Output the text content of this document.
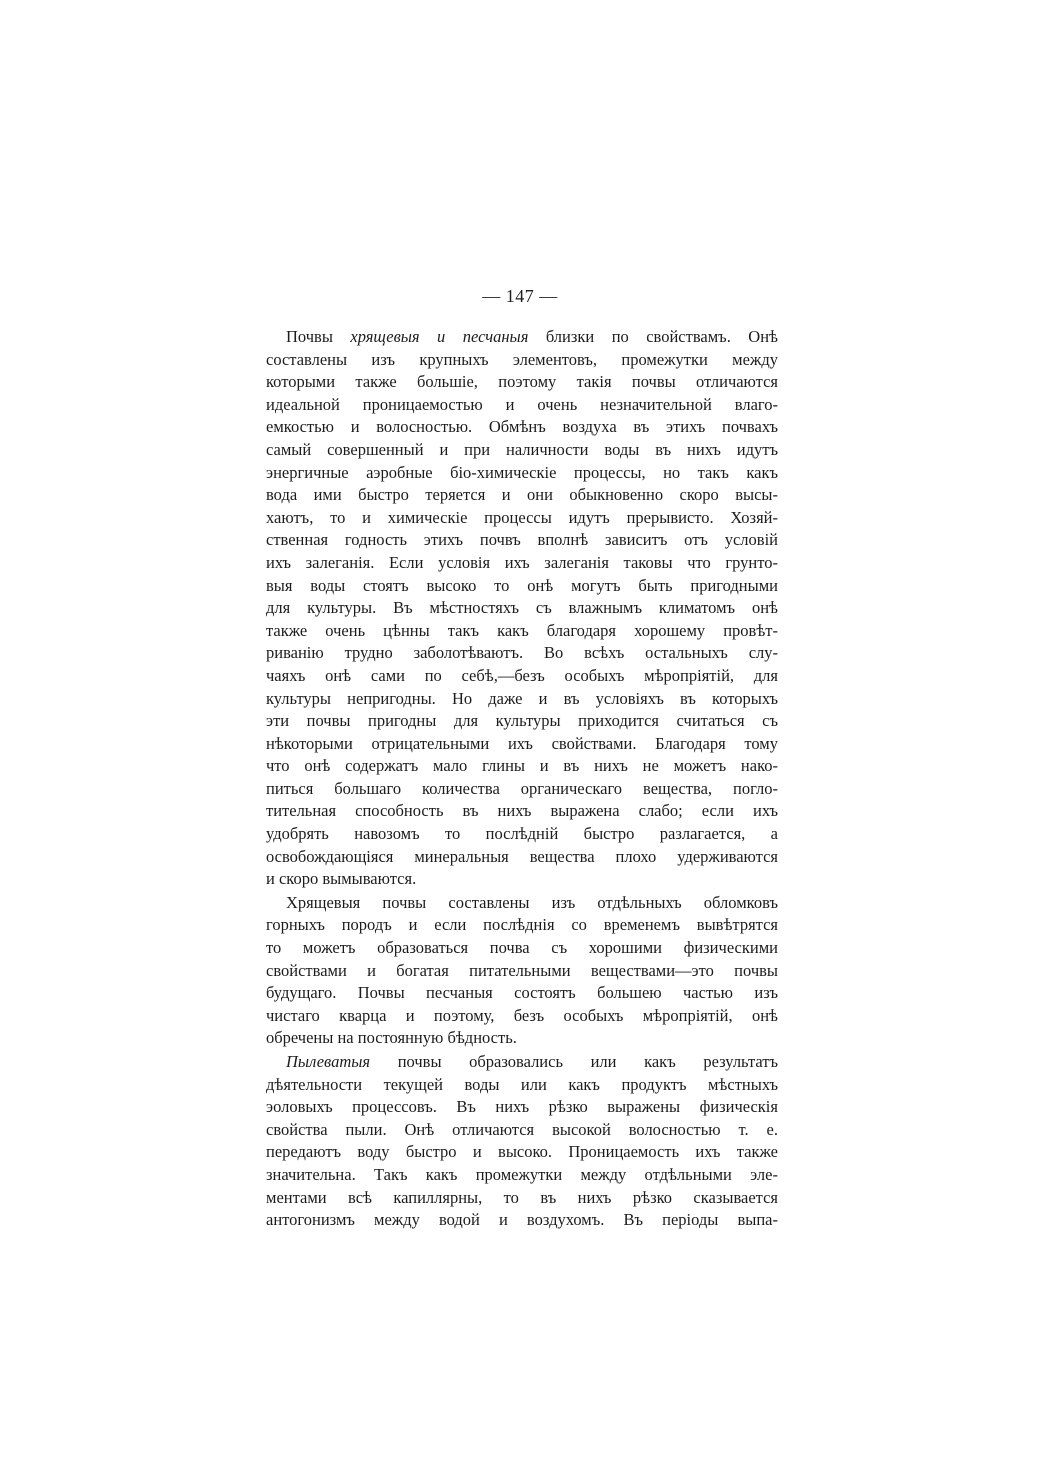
— 147 —
Почвы хрящевыя и песчаныя близки по свойствамъ. Онѣ
составлены изъ крупныхъ элементовъ, промежутки между
которыми также большіе, поэтому такія почвы отличаются
идеальной проницаемостью и очень незначительной влаго-
емкостью и волосностью. Обмѣнъ воздуха въ этихъ почвахъ
самый совершенный и при наличности воды въ нихъ идутъ
энергичные аэробные біо-химическіе процессы, но такъ какъ
вода ими быстро теряется и они обыкновенно скоро высы-
хаютъ, то и химическіе процессы идутъ прерывисто. Хозяй-
ственная годность этихъ почвъ вполнѣ зависитъ отъ условій
ихъ залеганія. Если условія ихъ залеганія таковы что грунто-
выя воды стоятъ высоко то онѣ могутъ быть пригодными
для культуры. Въ мѣстностяхъ съ влажнымъ климатомъ онѣ
также очень цѣнны такъ какъ благодаря хорошему провѣт-
риванію трудно заболотѣваютъ. Во всѣхъ остальныхъ слу-
чаяхъ онѣ сами по себѣ,—безъ особыхъ мѣропріятій, для
культуры непригодны. Но даже и въ условіяхъ въ которыхъ
эти почвы пригодны для культуры приходится считаться съ
нѣкоторыми отрицательными ихъ свойствами. Благодаря тому
что онѣ содержатъ мало глины и въ нихъ не можетъ нако-
питься большаго количества органическаго вещества, погло-
тительная способность въ нихъ выражена слабо; если ихъ
удобрять навозомъ то послѣдній быстро разлагается, а
освобождающіяся минеральныя вещества плохо удерживаются
и скоро вымываются.
Хрящевыя почвы составлены изъ отдѣльныхъ обломковъ
горныхъ породъ и если послѣднія со временемъ вывѣтрятся
то можетъ образоваться почва съ хорошими физическими
свойствами и богатая питательными веществами—это почвы
будущаго. Почвы песчаныя состоятъ большею частью изъ
чистаго кварца и поэтому, безъ особыхъ мѣропріятій, онѣ
обречены на постоянную бѣдность.
Пылеватыя почвы образовались или какъ результатъ
дѣятельности текущей воды или какъ продуктъ мѣстныхъ
эоловыхъ процессовъ. Въ нихъ рѣзко выражены физическія
свойства пыли. Онѣ отличаются высокой волосностью т. е.
передаютъ воду быстро и высоко. Проницаемость ихъ также
значительна. Такъ какъ промежутки между отдѣльными эле-
ментами всѣ капиллярны, то въ нихъ рѣзко сказывается
антогонизмъ между водой и воздухомъ. Въ періоды выпа-
